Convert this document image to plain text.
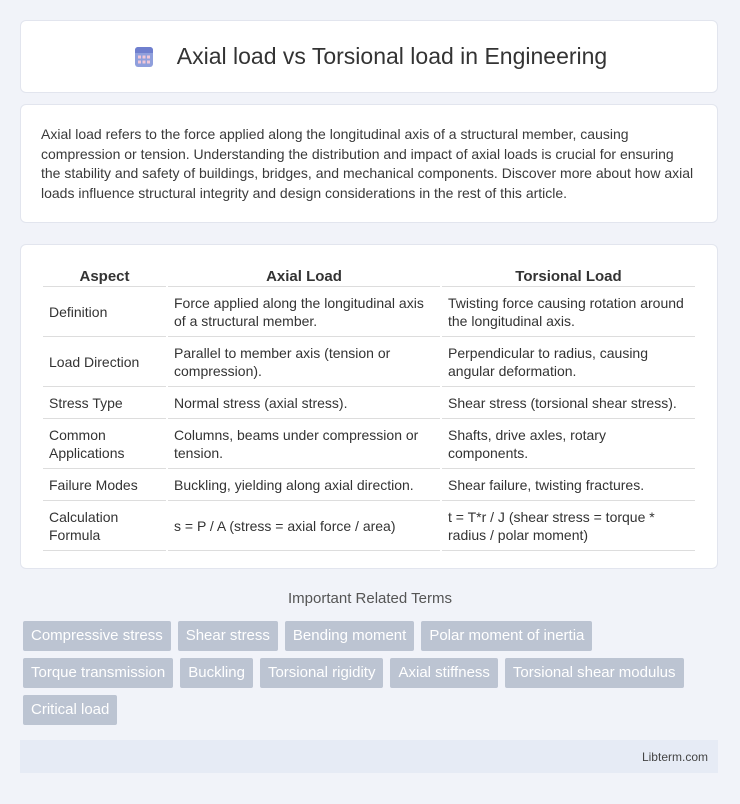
Axial load vs Torsional load in Engineering

Axial load refers to the force applied along the longitudinal axis of a structural member, causing compression or tension. Understanding the distribution and impact of axial loads is crucial for ensuring the stability and safety of buildings, bridges, and mechanical components. Discover more about how axial loads influence structural integrity and design considerations in the rest of this article.

Aspect	Axial Load	Torsional Load
Definition	Force applied along the longitudinal axis of a structural member.	Twisting force causing rotation around the longitudinal axis.
Load Direction	Parallel to member axis (tension or compression).	Perpendicular to radius, causing angular deformation.
Stress Type	Normal stress (axial stress).	Shear stress (torsional shear stress).
Common Applications	Columns, beams under compression or tension.	Shafts, drive axles, rotary components.
Failure Modes	Buckling, yielding along axial direction.	Shear failure, twisting fractures.
Calculation Formula	s = P / A (stress = axial force / area)	t = T*r / J (shear stress = torque * radius / polar moment)
Important Related Terms
Compressive stress	Shear stress	Bending moment	Polar moment of inertia
Torque transmission	Buckling	Torsional rigidity	Axial stiffness	Torsional shear modulus
Critical load
Libterm.com
